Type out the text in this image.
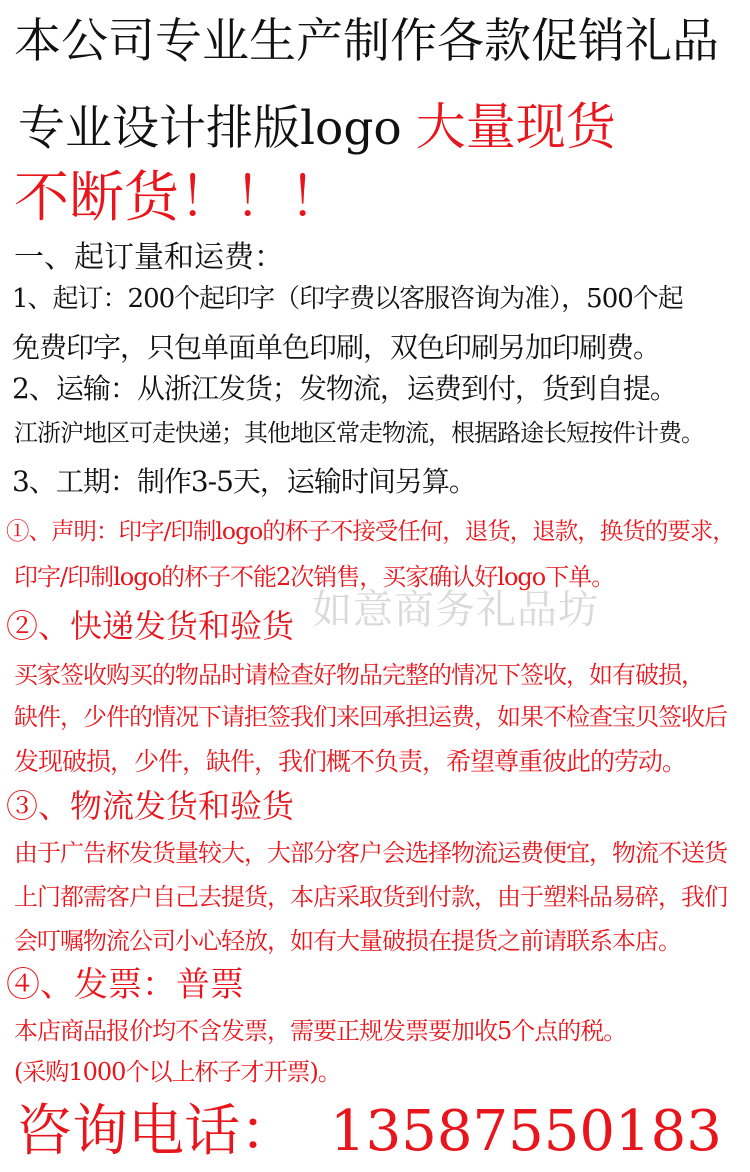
本公司专业生产制作各款促销礼品
专业设计排版logo 大量现货
不断货！！！
一、起订量和运费：
1、起订：200个起印字（印字费以客服咨询为准），500个起
免费印字，只包单面单色印刷，双色印刷另加印刷费。
2、运输：从浙江发货；发物流，运费到付，货到自提。
江浙沪地区可走快递；其他地区常走物流，根据路途长短按件计费。
3、工期：制作3-5天，运输时间另算。
①、声明：印字/印制logo的杯子不接受任何，退货，退款，换货的要求，
印字/印制logo的杯子不能2次销售，买家确认好logo下单。
如意商务礼品坊
②、快递发货和验货
买家签收购买的物品时请检查好物品完整的情况下签收，如有破损，
缺件，少件的情况下请拒签我们来回承担运费，如果不检查宝贝签收后
发现破损，少件，缺件，我们概不负责，希望尊重彼此的劳动。
③、物流发货和验货
由于广告杯发货量较大，大部分客户会选择物流运费便宜，物流不送货
上门都需客户自己去提货，本店采取货到付款，由于塑料品易碎，我们
会叮嘱物流公司小心轻放，如有大量破损在提货之前请联系本店。
④、发票：普票
本店商品报价均不含发票，需要正规发票要加收5个点的税。
(采购1000个以上杯子才开票)。
咨询电话： 13587550183
